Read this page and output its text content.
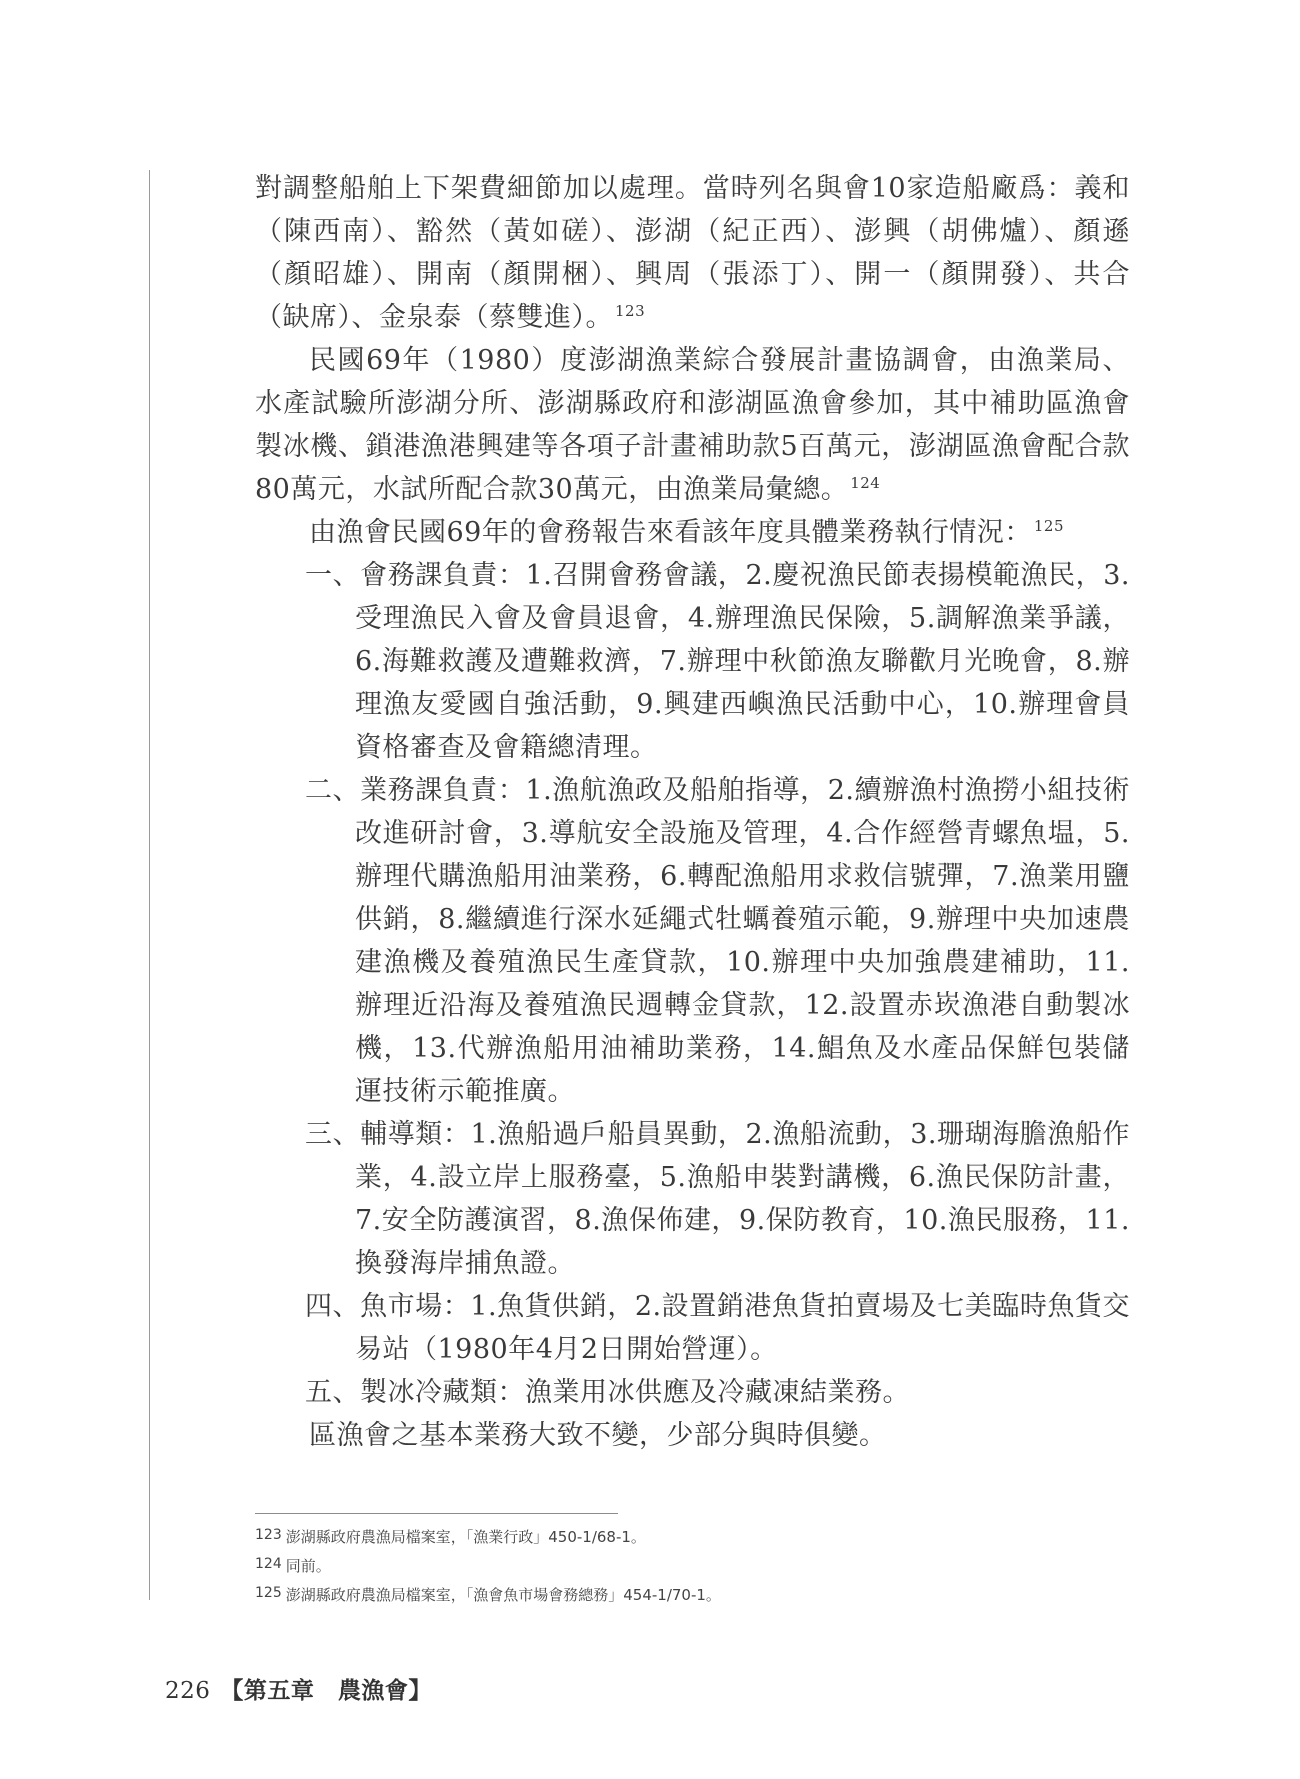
對調整船舶上下架費細節加以處理。當時列名與會10家造船廠爲：義和（陳西南）、豁然（黃如磋）、澎湖（紀正西）、澎興（胡佛爐）、顏遜（顏昭雄）、開南（顏開梱）、興周（張添丁）、開一（顏開發）、共合（缺席）、金泉泰（蔡雙進）。 $^{123}$

民國69年（1980）度澎湖漁業綜合發展計畫協調會，由漁業局、水產試驗所澎湖分所、澎湖縣政府和澎湖區漁會參加，其中補助區漁會製冰機、鎖港漁港興建等各項子計畫補助款5百萬元，澎湖區漁會配合款80萬元，水試所配合款30萬元，由漁業局彙總。 $^{124}$

由漁會民國69年的會務報告來看該年度具體業務執行情況： $^{125}$

一、會務課負責：1.召開會務會議，2.慶祝漁民節表揚模範漁民，3.受理漁民入會及會員退會，4.辦理漁民保險，5.調解漁業爭議，6.海難救護及遭難救濟，7.辦理中秋節漁友聯歡月光晚會，8.辦理漁友愛國自強活動，9.興建西嶼漁民活動中心，10.辦理會員資格審查及會籍總清理。

二、業務課負責：1.漁航漁政及船舶指導，2.續辦漁村漁撈小組技術改進研討會，3.導航安全設施及管理，4.合作經營青螺魚塭，5.辦理代購漁船用油業務，6.轉配漁船用求救信號彈，7.漁業用鹽供銷，8.繼續進行深水延繩式牡蠣養殖示範，9.辦理中央加速農建漁機及養殖漁民生產貸款，10.辦理中央加強農建補助，11.辦理近沿海及養殖漁民週轉金貸款，12.設置赤崁漁港自動製冰機，13.代辦漁船用油補助業務，14.鯧魚及水產品保鮮包裝儲運技術示範推廣。

三、輔導類：1.漁船過戶船員異動，2.漁船流動，3.珊瑚海膽漁船作業，4.設立岸上服務臺，5.漁船申裝對講機，6.漁民保防計畫，7.安全防護演習，8.漁保佈建，9.保防教育，10.漁民服務，11.換發海岸捕魚證。

四、魚市場：1.魚貨供銷，2.設置銷港魚貨拍賣場及七美臨時魚貨交易站（1980年4月2日開始營運）。

五、製冰冷藏類：漁業用冰供應及冷藏凍結業務。

區漁會之基本業務大致不變，少部分與時俱變。

123 澎湖縣政府農漁局檔案室，「漁業行政」450-1/68-1。
124 同前。
125 澎湖縣政府農漁局檔案室，「漁會魚市場會務總務」454-1/70-1。
226 【第五章　農漁會】
